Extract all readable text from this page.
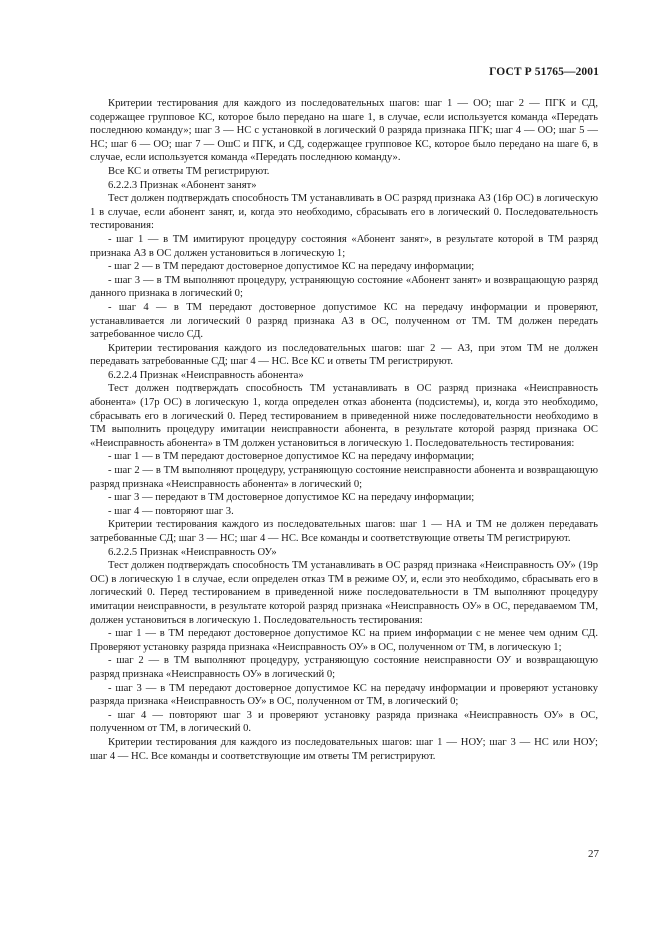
ГОСТ Р 51765—2001

Критерии тестирования для каждого из последовательных шагов: шаг 1 — ОО; шаг 2 — ПГК и СД, содержащее групповое КС, которое было передано на шаге 1, в случае, если используется команда «Передать последнюю команду»; шаг 3 — НС с установкой в логический 0 разряда признака ПГК; шаг 4 — ОО; шаг 5 — НС; шаг 6 — ОО; шаг 7 — ОшС и ПГК, и СД, содержащее групповое КС, которое было передано на шаге 6, в случае, если используется команда «Передать последнюю команду».

Все КС и ответы ТМ регистрируют.

6.2.2.3 Признак «Абонент занят»

Тест должен подтверждать способность ТМ устанавливать в ОС разряд признака АЗ (16р ОС) в логическую 1 в случае, если абонент занят, и, когда это необходимо, сбрасывать его в логический 0. Последовательность тестирования:

- шаг 1 — в ТМ имитируют процедуру состояния «Абонент занят», в результате которой в ТМ разряд признака АЗ в ОС должен установиться в логическую 1;

- шаг 2 — в ТМ передают достоверное допустимое КС на передачу информации;

- шаг 3 — в ТМ выполняют процедуру, устраняющую состояние «Абонент занят» и возвращающую разряд данного признака в логический 0;

- шаг 4 — в ТМ передают достоверное допустимое КС на передачу информации и проверяют, устанавливается ли логический 0 разряд признака АЗ в ОС, полученном от ТМ. ТМ должен передать затребованное число СД.

Критерии тестирования каждого из последовательных шагов: шаг 2 — АЗ, при этом ТМ не должен передавать затребованные СД; шаг 4 — НС. Все КС и ответы ТМ регистрируют.

6.2.2.4 Признак «Неисправность абонента»

Тест должен подтверждать способность ТМ устанавливать в ОС разряд признака «Неисправность абонента» (17р ОС) в логическую 1, когда определен отказ абонента (подсистемы), и, когда это необходимо, сбрасывать его в логический 0. Перед тестированием в приведенной ниже последовательности необходимо в ТМ выполнить процедуру имитации неисправности абонента, в результате которой разряд признака ОС «Неисправность абонента» в ТМ должен установиться в логическую 1. Последовательность тестирования:

- шаг 1 — в ТМ передают достоверное допустимое КС на передачу информации;

- шаг 2 — в ТМ выполняют процедуру, устраняющую состояние неисправности абонента и возвращающую разряд признака «Неисправность абонента» в логический 0;

- шаг 3 — передают в ТМ достоверное допустимое КС на передачу информации;

- шаг 4 — повторяют шаг 3.

Критерии тестирования каждого из последовательных шагов: шаг 1 — НА и ТМ не должен передавать затребованные СД; шаг 3 — НС; шаг 4 — НС. Все команды и соответствующие ответы ТМ регистрируют.

6.2.2.5 Признак «Неисправность ОУ»

Тест должен подтверждать способность ТМ устанавливать в ОС разряд признака «Неисправность ОУ» (19р ОС) в логическую 1 в случае, если определен отказ ТМ в режиме ОУ, и, если это необходимо, сбрасывать его в логический 0. Перед тестированием в приведенной ниже последовательности в ТМ выполняют процедуру имитации неисправности, в результате которой разряд признака «Неисправность ОУ» в ОС, передаваемом ТМ, должен установиться в логическую 1. Последовательность тестирования:

- шаг 1 — в ТМ передают достоверное допустимое КС на прием информации с не менее чем одним СД. Проверяют установку разряда признака «Неисправность ОУ» в ОС, полученном от ТМ, в логическую 1;

- шаг 2 — в ТМ выполняют процедуру, устраняющую состояние неисправности ОУ и возвращающую разряд признака «Неисправность ОУ» в логический 0;

- шаг 3 — в ТМ передают достоверное допустимое КС на передачу информации и проверяют установку разряда признака «Неисправность ОУ» в ОС, полученном от ТМ, в логический 0;

- шаг 4 — повторяют шаг 3 и проверяют установку разряда признака «Неисправность ОУ» в ОС, полученном от ТМ, в логический 0.

Критерии тестирования для каждого из последовательных шагов: шаг 1 — НОУ; шаг 3 — НС или НОУ; шаг 4 — НС. Все команды и соответствующие им ответы ТМ регистрируют.

27
